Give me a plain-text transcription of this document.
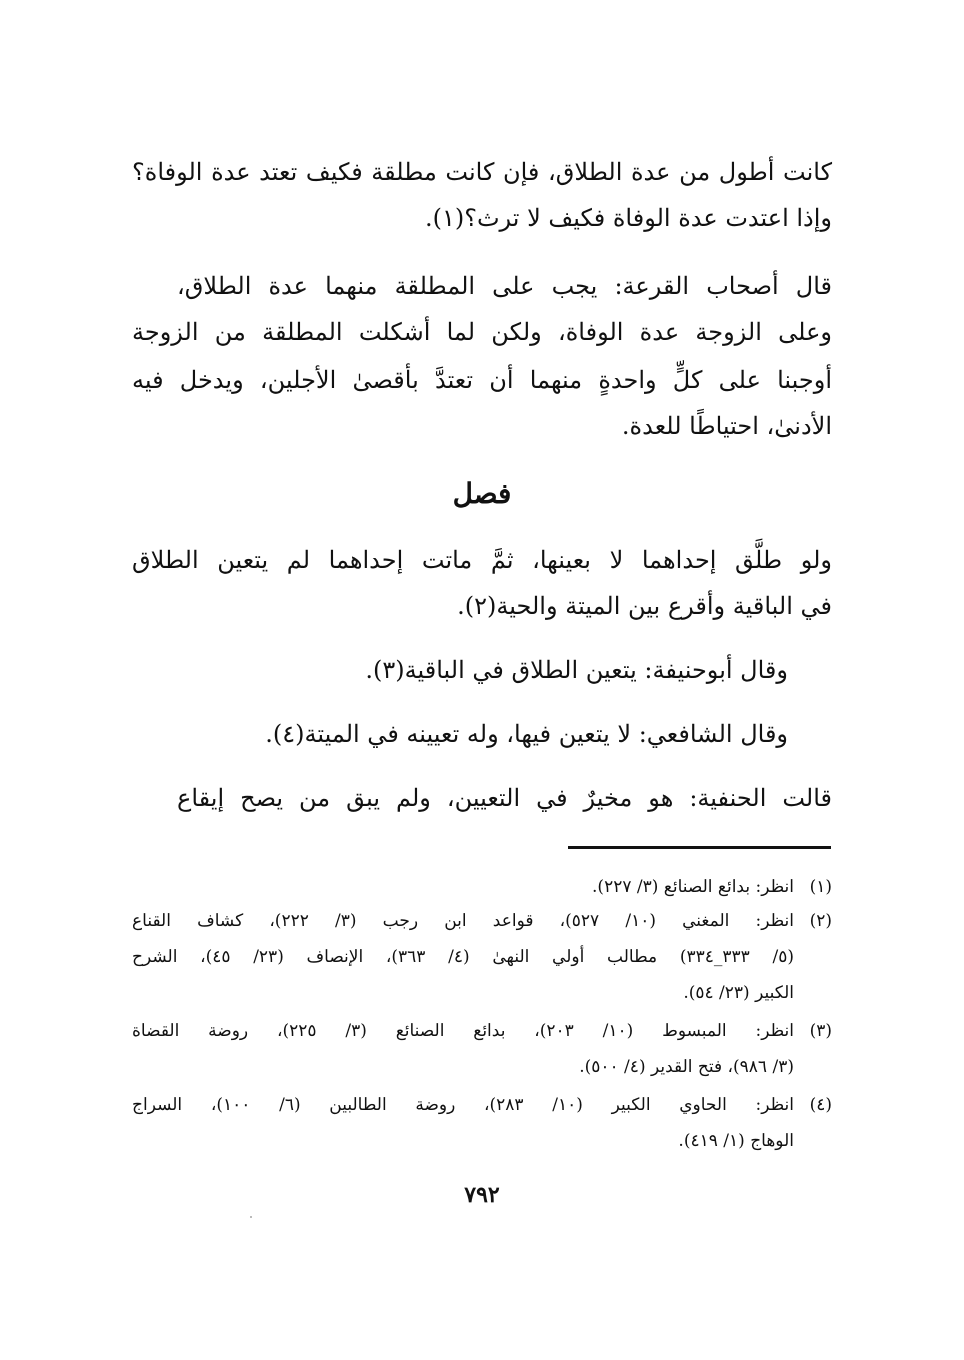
كانت أطول من عدة الطلاق، فإن كانت مطلقة فكيف تعتد عدة الوفاة؟
وإذا اعتدت عدة الوفاة فكيف لا ترث؟(١).
قال أصحاب القرعة: يجب على المطلقة منهما عدة الطلاق،
وعلى الزوجة عدة الوفاة، ولكن لما أشكلت المطلقة من الزوجة
أوجبنا على كلٍّ واحدةٍ منهما أن تعتدَّ بأقصىٰ الأجلين، ويدخل فيه
الأدنىٰ، احتياطًا للعدة.
فصل
ولو طلَّق إحداهما لا بعينها، ثمَّ ماتت إحداهما لم يتعين الطلاق
في الباقية وأقرع بين الميتة والحية(٢).
وقال أبوحنيفة: يتعين الطلاق في الباقية(٣).
وقال الشافعي: لا يتعين فيها، وله تعيينه في الميتة(٤).
قالت الحنفية: هو مخيرٌ في التعيين، ولم يبق من يصح إيقاع
(١)
انظر: بدائع الصنائع (٣/ ٢٢٧).
(٢)
انظر: المغني (١٠/ ٥٢٧)، قواعد ابن رجب (٣/ ٢٢٢)، كشاف القناع
(٥/ ٣٣٣_٣٣٤) مطالب أولي النهىٰ (٤/ ٣٦٣)، الإنصاف (٢٣/ ٤٥)، الشرح
الكبير (٢٣/ ٥٤).
(٣)
انظر: المبسوط (١٠/ ٢٠٣)، بدائع الصنائع (٣/ ٢٢٥)، روضة القضاة
(٣/ ٩٨٦)، فتح القدير (٤/ ٥٠٠).
(٤)
انظر: الحاوي الكبير (١٠/ ٢٨٣)، روضة الطالبين (٦/ ١٠٠)، السراج
الوهاج (١/ ٤١٩).
٧٩٢
